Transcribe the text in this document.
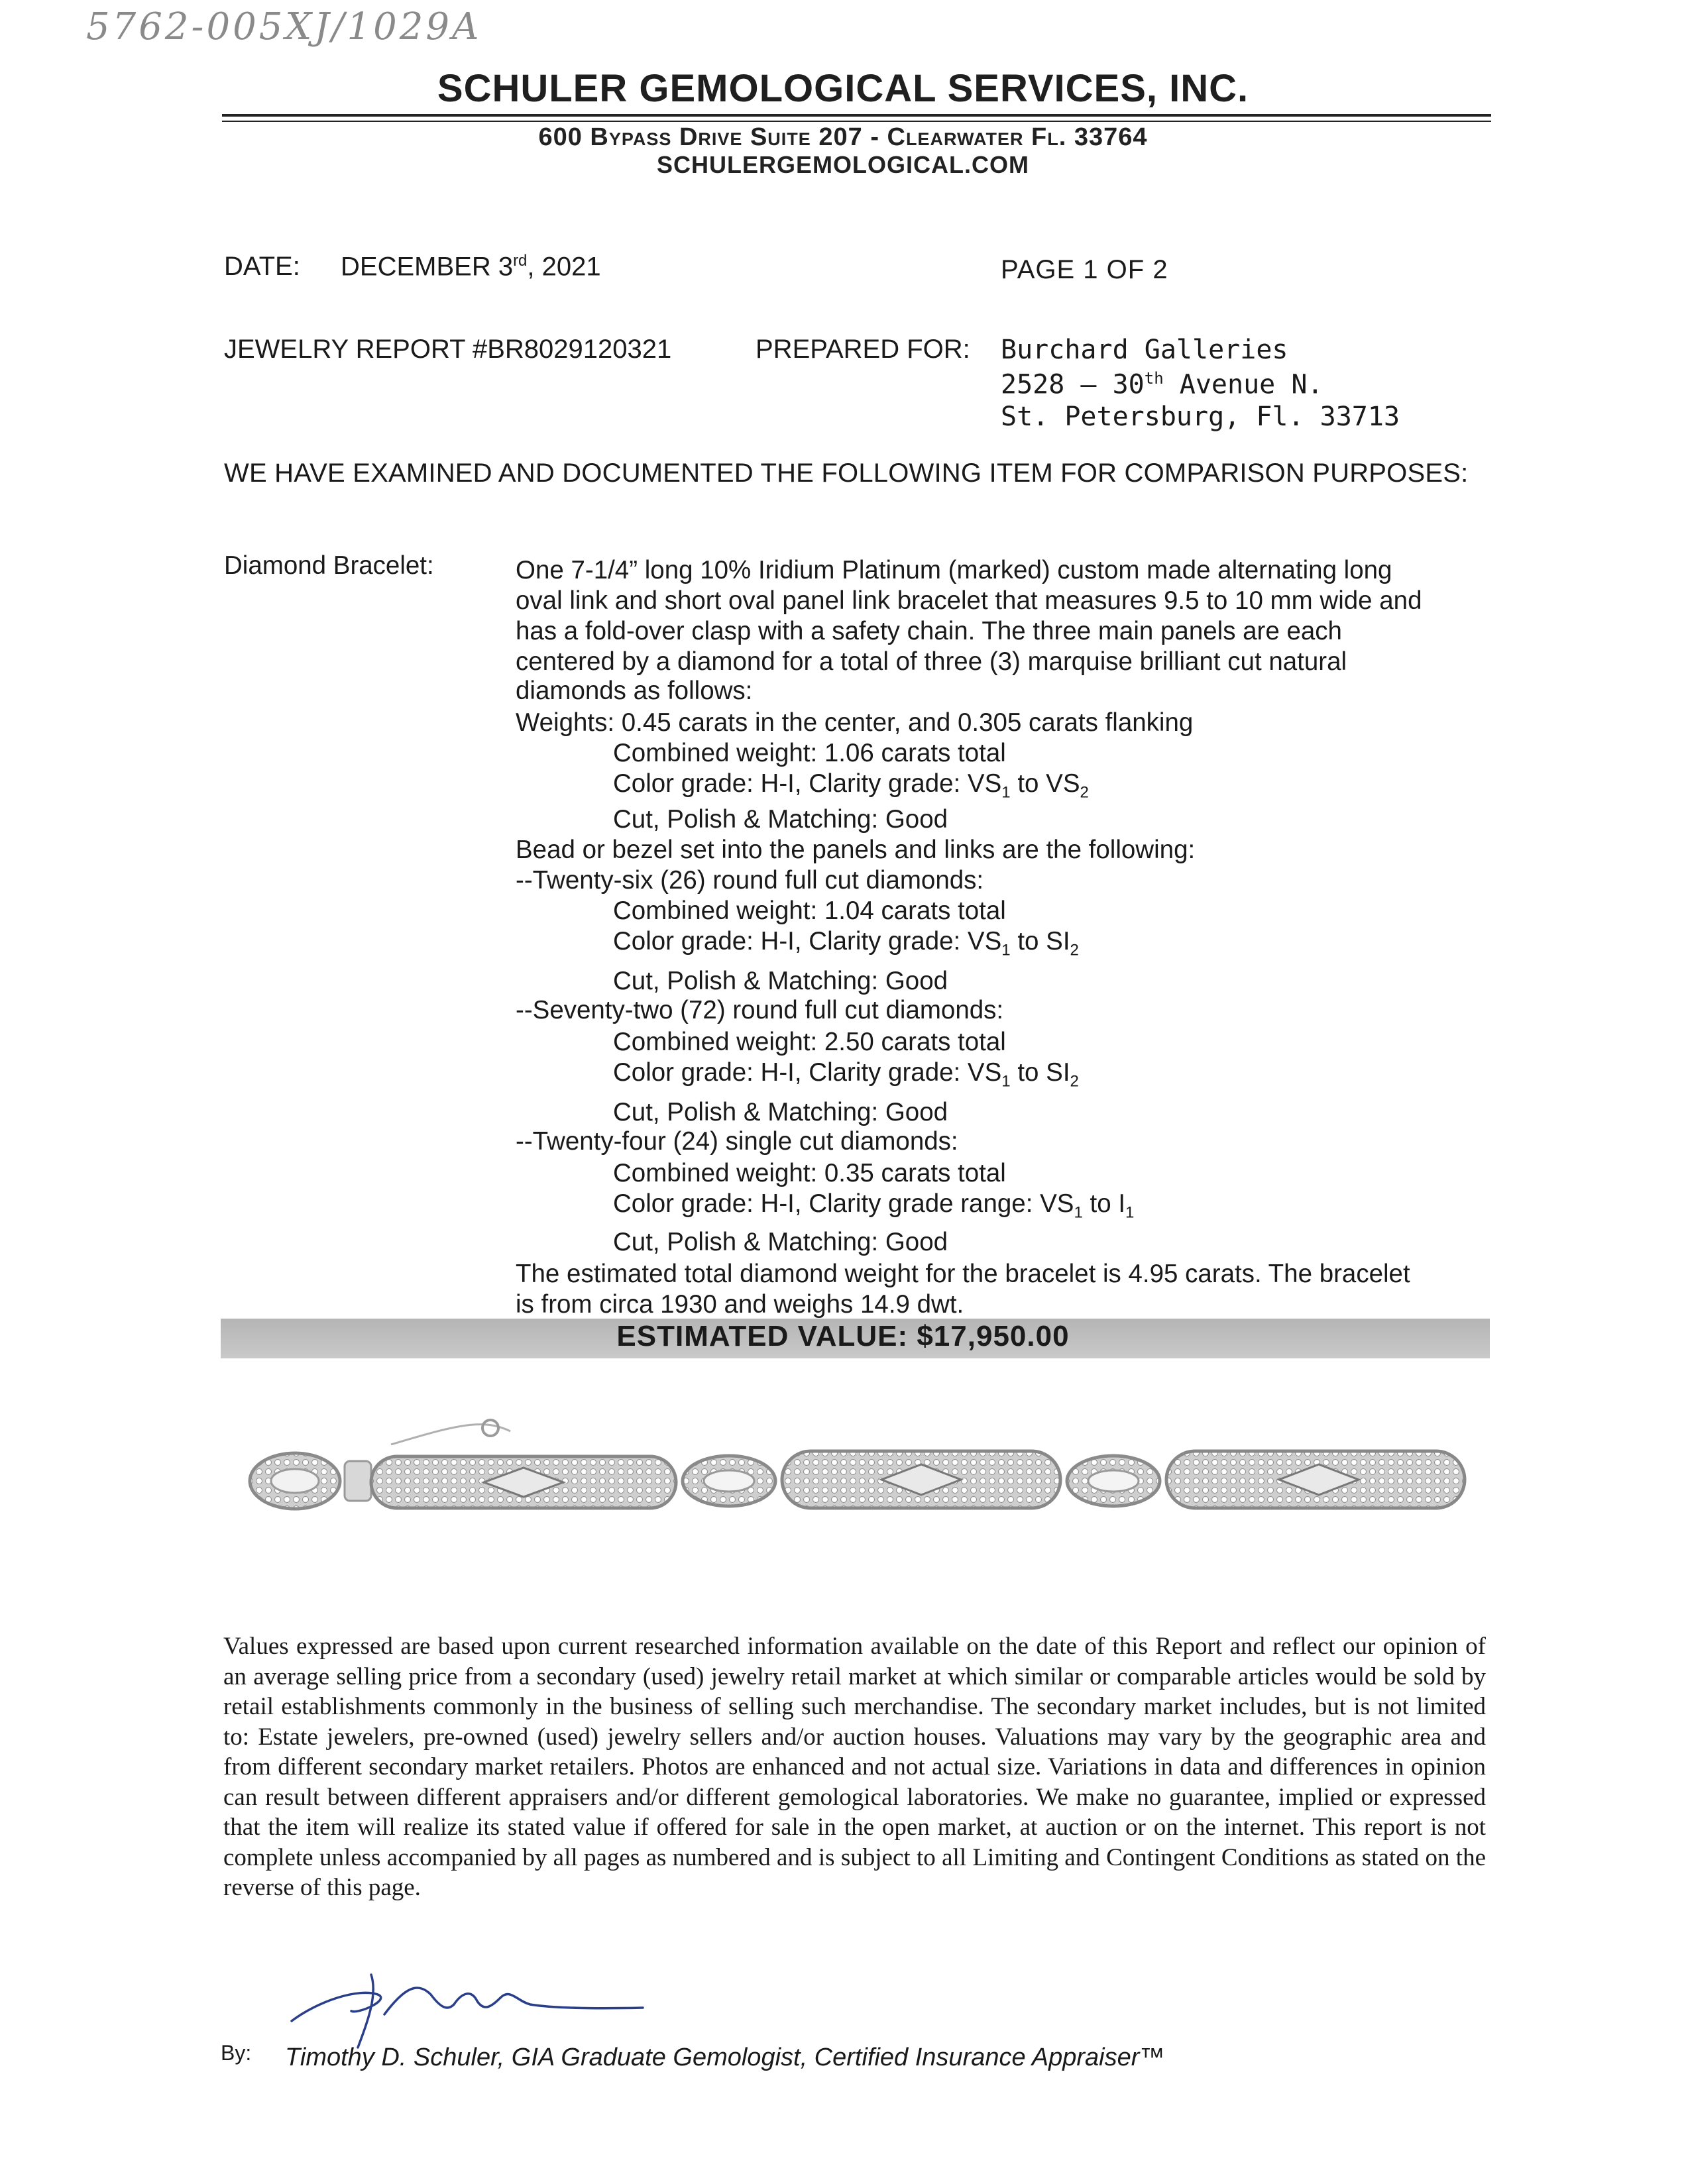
5762-005XJ/1029A
SCHULER GEMOLOGICAL SERVICES, INC.
600 Bypass Drive Suite 207 - Clearwater Fl. 33764
SCHULERGEMOLOGICAL.COM
DATE: DECEMBER 3rd, 2021	PAGE 1 OF 2
JEWELRY REPORT #BR8029120321	PREPARED FOR: Burchard Galleries
2528 – 30th Avenue N.
St. Petersburg, Fl. 33713
WE HAVE EXAMINED AND DOCUMENTED THE FOLLOWING ITEM FOR COMPARISON PURPOSES:
Diamond Bracelet:	One 7-1/4” long 10% Iridium Platinum (marked) custom made alternating long
oval link and short oval panel link bracelet that measures 9.5 to 10 mm wide and
has a fold-over clasp with a safety chain. The three main panels are each
centered by a diamond for a total of three (3) marquise brilliant cut natural
diamonds as follows:
Weights: 0.45 carats in the center, and 0.305 carats flanking
Combined weight: 1.06 carats total
Color grade: H-I, Clarity grade: $VS_1$ to $VS_2$
Cut, Polish & Matching: Good
Bead or bezel set into the panels and links are the following:
--Twenty-six (26) round full cut diamonds:
Combined weight: 1.04 carats total
Color grade: H-I, Clarity grade: $VS_1$ to $SI_2$
Cut, Polish & Matching: Good
--Seventy-two (72) round full cut diamonds:
Combined weight: 2.50 carats total
Color grade: H-I, Clarity grade: $VS_1$ to $SI_2$
Cut, Polish & Matching: Good
--Twenty-four (24) single cut diamonds:
Combined weight: 0.35 carats total
Color grade: H-I, Clarity grade range: $VS_1$ to $I_1$
Cut, Polish & Matching: Good
The estimated total diamond weight for the bracelet is 4.95 carats. The bracelet
is from circa 1930 and weighs 14.9 dwt.
ESTIMATED VALUE: $17,950.00
Values expressed are based upon current researched information available on the date of this Report and reflect our opinion of an average selling price from a secondary (used) jewelry retail market at which similar or comparable articles would be sold by retail establishments commonly in the business of selling such merchandise. The secondary market includes, but is not limited to: Estate jewelers, pre-owned (used) jewelry sellers and/or auction houses. Valuations may vary by the geographic area and from different secondary market retailers. Photos are enhanced and not actual size. Variations in data and differences in opinion can result between different appraisers and/or different gemological laboratories. We make no guarantee, implied or expressed that the item will realize its stated value if offered for sale in the open market, at auction or on the internet. This report is not complete unless accompanied by all pages as numbered and is subject to all Limiting and Contingent Conditions as stated on the reverse of this page.
By: Timothy D. Schuler, GIA Graduate Gemologist, Certified Insurance Appraiser™
